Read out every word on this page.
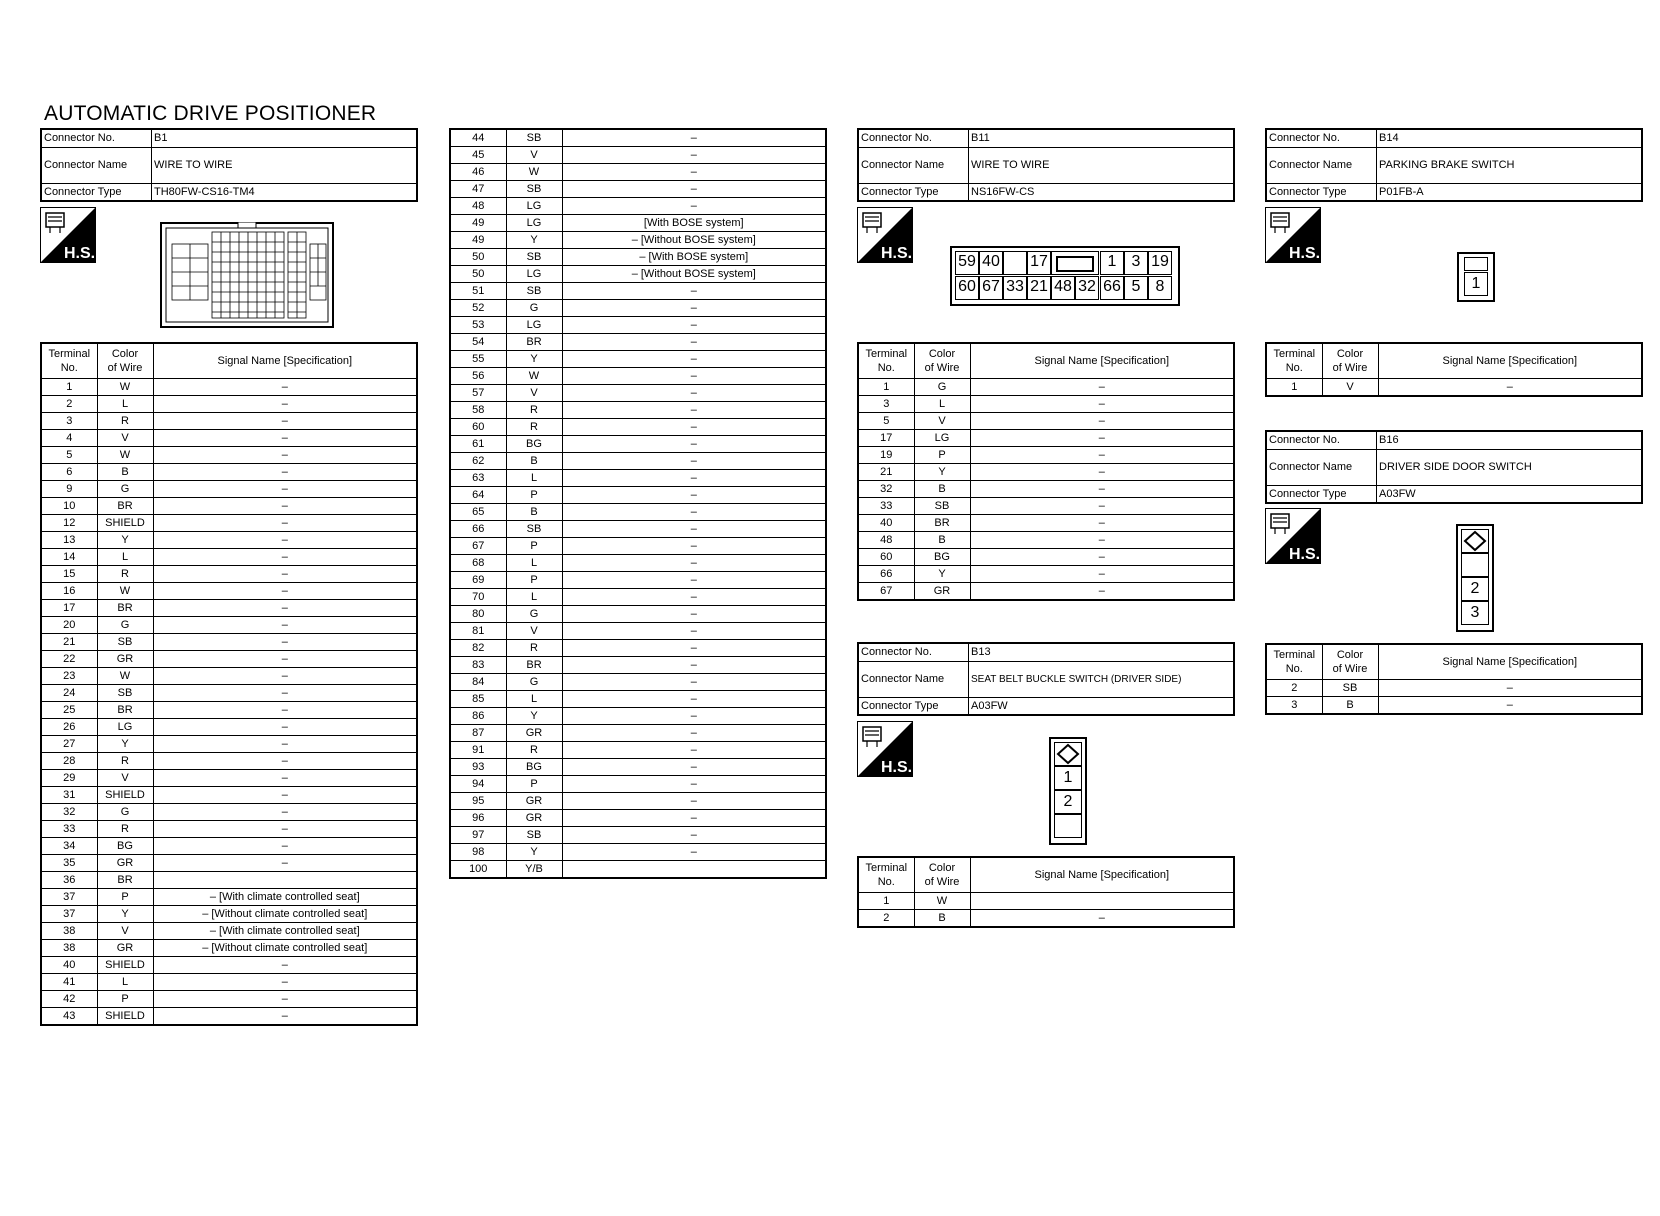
AUTOMATIC DRIVE POSITIONER
Connector No.	B1
Connector Name	WIRE TO WIRE
Connector Type	TH80FW-CS16-TM4
H.S.	H.S.	H.S.
H.S.
H.S.
Terminal
No.	Color
of Wire	Signal Name [Specification]
1	W	–
2	L	–
3	R	–
4	V	–
5	W	–
6	B	–
9	G	–
10	BR	–
12	SHIELD	–
13	Y	–
14	L	–
15	R	–
16	W	–
17	BR	–
20	G	–
21	SB	–
22	GR	–
23	W	–
24	SB	–
25	BR	–
26	LG	–
27	Y	–
28	R	–
29	V	–
31	SHIELD	–
32	G	–
33	R	–
34	BG	–
35	GR	–
36	BR	
37	P	– [With climate controlled seat]
37	Y	– [Without climate controlled seat]
38	V	– [With climate controlled seat]
38	GR	– [Without climate controlled seat]
40	SHIELD	–
41	L	–
42	P	–
43	SHIELD	–
44	SB	–
45	V	–
46	W	–
47	SB	–
48	LG	–
49	LG	[With BOSE system]
49	Y	– [Without BOSE system]
50	SB	– [With BOSE system]
50	LG	– [Without BOSE system]
51	SB	–
52	G	–
53	LG	–
54	BR	–
55	Y	–
56	W	–
57	V	–
58	R	–
60	R	–
61	BG	–
62	B	–
63	L	–
64	P	–
65	B	–
66	SB	–
67	P	–
68	L	–
69	P	–
70	L	–
80	G	–
81	V	–
82	R	–
83	BR	–
84	G	–
85	L	–
86	Y	–
87	GR	–
91	R	–
93	BG	–
94	P	–
95	GR	–
96	GR	–
97	SB	–
98	Y	–
100	Y/B	
Connector No.	B11
Connector Name	WIRE TO WIRE
Connector Type	NS16FW-CS
59 40 17	1 3 19
60 67 33 21 48 32 66 5 8
Terminal
No.	Color
of Wire	Signal Name [Specification]
1	G	–
3	L	–
5	V	–
17	LG	–
19	P	–
21	Y	–
32	B	–
33	SB	–
40	BR	–
48	B	–
60	BG	–
66	Y	–
67	GR	–
Connector No.	B13
Connector Name	SEAT BELT BUCKLE SWITCH (DRIVER SIDE)
Connector Type	A03FW
1
2
Terminal
No.	Color
of Wire	Signal Name [Specification]
1	W	
2	B	–
Connector No.	B14
Connector Name	PARKING BRAKE SWITCH
Connector Type	P01FB-A
1
Terminal
No.	Color
of Wire	Signal Name [Specification]
1	V	–
Connector No.	B16
Connector Name	DRIVER SIDE DOOR SWITCH
Connector Type	A03FW
2
3
Terminal
No.	Color
of Wire	Signal Name [Specification]
2	SB	–
3	B	–
